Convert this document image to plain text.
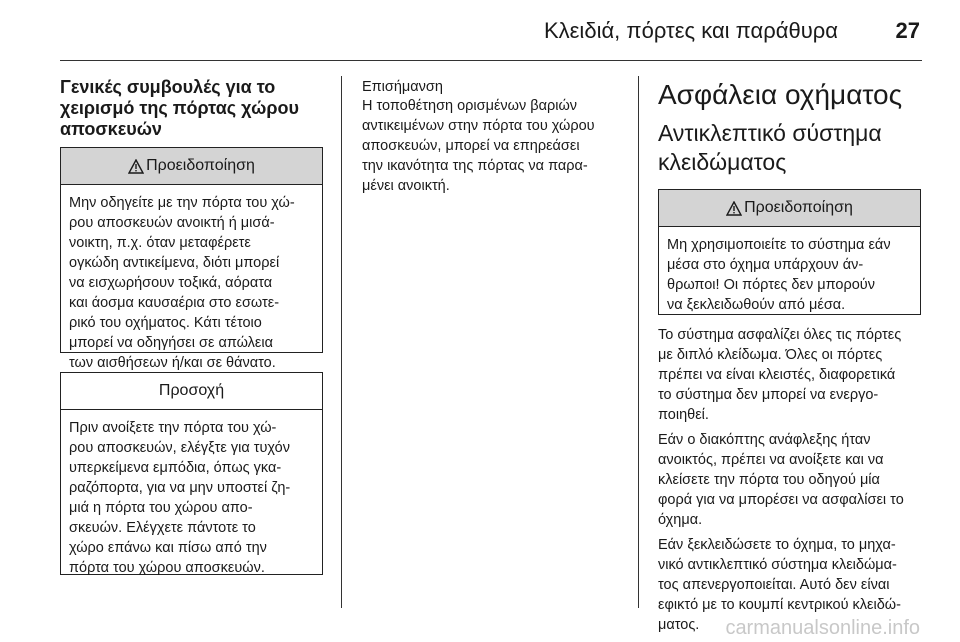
Κλειδιά, πόρτες και παράθυρα	27
Γενικές συμβουλές για το
χειρισμό της πόρτας χώρου
αποσκευών
Προειδοποίηση
Μην οδηγείτε με την πόρτα του χώ-
ρου αποσκευών ανοικτή ή μισά-
νοικτη, π.χ. όταν μεταφέρετε
ογκώδη αντικείμενα, διότι μπορεί
να εισχωρήσουν τοξικά, αόρατα
και άοσμα καυσαέρια στο εσωτε-
ρικό του οχήματος. Κάτι τέτοιο
μπορεί να οδηγήσει σε απώλεια
των αισθήσεων ή/και σε θάνατο.
Προσοχή
Πριν ανοίξετε την πόρτα του χώ-
ρου αποσκευών, ελέγξτε για τυχόν
υπερκείμενα εμπόδια, όπως γκα-
ραζόπορτα, για να μην υποστεί ζη-
μιά η πόρτα του χώρου απο-
σκευών. Ελέγχετε πάντοτε το
χώρο επάνω και πίσω από την
πόρτα του χώρου αποσκευών.
Επισήμανση
Η τοποθέτηση ορισμένων βαριών
αντικειμένων στην πόρτα του χώρου
αποσκευών, μπορεί να επηρεάσει
την ικανότητα της πόρτας να παρα-
μένει ανοικτή.
Ασφάλεια οχήματος
Αντικλεπτικό σύστημα
κλειδώματος
Προειδοποίηση
Μη χρησιμοποιείτε το σύστημα εάν
μέσα στο όχημα υπάρχουν άν-
θρωποι! Οι πόρτες δεν μπορούν
να ξεκλειδωθούν από μέσα.
Το σύστημα ασφαλίζει όλες τις πόρτες
με διπλό κλείδωμα. Όλες οι πόρτες
πρέπει να είναι κλειστές, διαφορετικά
το σύστημα δεν μπορεί να ενεργο-
ποιηθεί.
Εάν ο διακόπτης ανάφλεξης ήταν
ανοικτός, πρέπει να ανοίξετε και να
κλείσετε την πόρτα του οδηγού μία
φορά για να μπορέσει να ασφαλίσει το
όχημα.
Εάν ξεκλειδώσετε το όχημα, το μηχα-
νικό αντικλεπτικό σύστημα κλειδώμα-
τος απενεργοποιείται. Αυτό δεν είναι
εφικτό με το κουμπί κεντρικού κλειδώ-
ματος.	carmanualsonline.info
